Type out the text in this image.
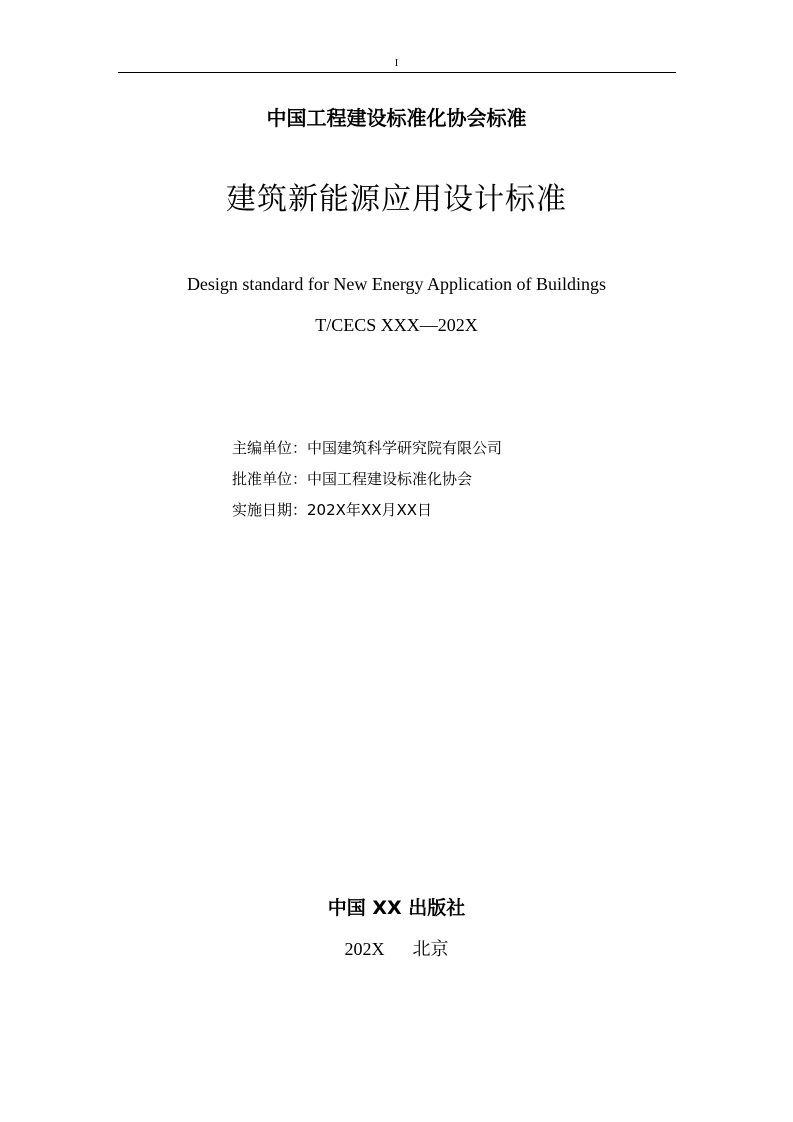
I
中国工程建设标准化协会标准
建筑新能源应用设计标准
Design standard for New Energy Application of Buildings
T/CECS XXX—202X
主编单位：中国建筑科学研究院有限公司
批准单位：中国工程建设标准化协会
实施日期：202X年XX月XX日
中国 XX 出版社
202X 北京
